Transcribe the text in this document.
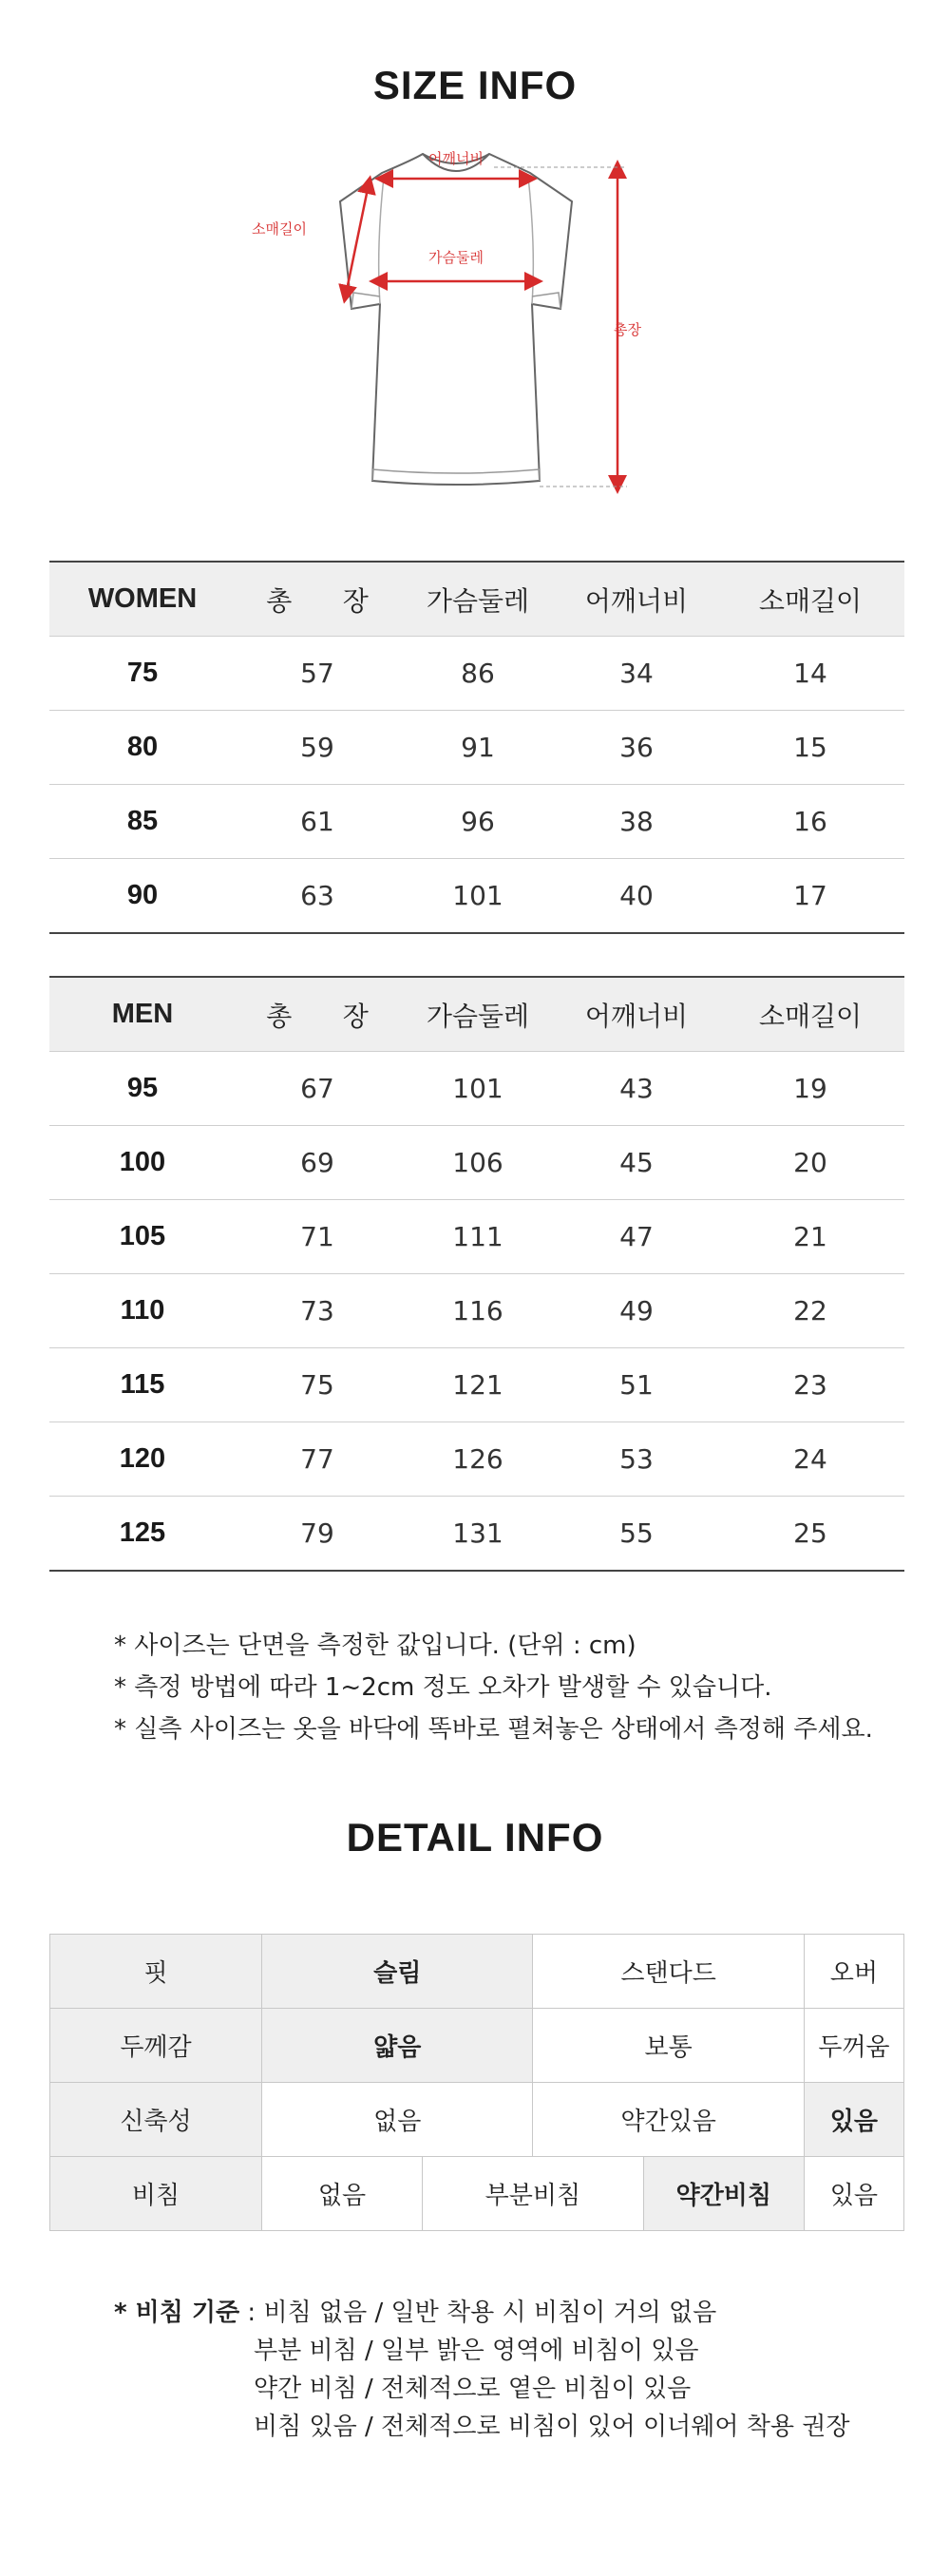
SIZE INFO
어깨너비
가슴둘레
소매길이
총장
WOMEN	총      장	가슴둘레	어깨너비	소매길이
75	57	86	34	14
80	59	91	36	15
85	61	96	38	16
90	63	101	40	17
MEN	총      장	가슴둘레	어깨너비	소매길이
95	67	101	43	19
100	69	106	45	20
105	71	111	47	21
110	73	116	49	22
115	75	121	51	23
120	77	126	53	24
125	79	131	55	25
* 사이즈는 단면을 측정한 값입니다. (단위 : cm)
* 측정 방법에 따라 1~2cm 정도 오차가 발생할 수 있습니다.
* 실측 사이즈는 옷을 바닥에 똑바로 펼쳐놓은 상태에서 측정해 주세요.
DETAIL INFO
핏	슬림		스탠다드		오버
두께감	얇음		보통		두꺼움
신축성	없음		약간있음		있음
비침	없음	부분비침		약간비침	있음
* 비침 기준 : 비침 없음 / 일반 착용 시 비침이 거의 없음
부분 비침 / 일부 밝은 영역에 비침이 있음
약간 비침 / 전체적으로 옅은 비침이 있음
비침 있음 / 전체적으로 비침이 있어 이너웨어 착용 권장
